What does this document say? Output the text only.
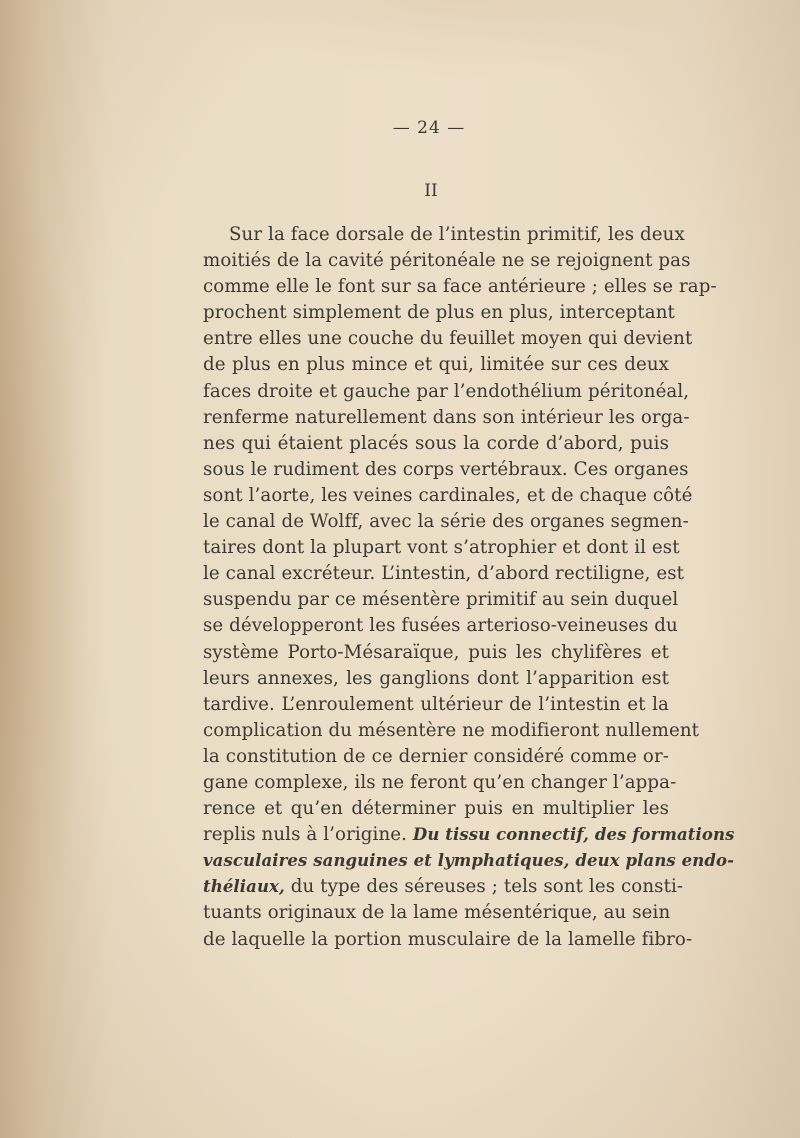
— 24 —
II
Sur la face dorsale de l’intestin primitif, les deux
moitiés de la cavité péritonéale ne se rejoignent pas
comme elle le font sur sa face antérieure ; elles se rap-
prochent simplement de plus en plus, interceptant
entre elles une couche du feuillet moyen qui devient
de plus en plus mince et qui, limitée sur ces deux
faces droite et gauche par l’endothélium péritonéal,
renferme naturellement dans son intérieur les orga-
nes qui étaient placés sous la corde d’abord, puis
sous le rudiment des corps vertébraux. Ces organes
sont l’aorte, les veines cardinales, et de chaque côté
le canal de Wolff, avec la série des organes segmen-
taires dont la plupart vont s’atrophier et dont il est
le canal excréteur. L’intestin, d’abord rectiligne, est
suspendu par ce mésentère primitif au sein duquel
se développeront les fusées arterioso-veineuses du
système Porto-Mésaraïque, puis les chylifères et
leurs annexes, les ganglions dont l’apparition est
tardive. L’enroulement ultérieur de l’intestin et la
complication du mésentère ne modifieront nullement
la constitution de ce dernier considéré comme or-
gane complexe, ils ne feront qu’en changer l’appa-
rence et qu’en déterminer puis en multiplier les
replis nuls à l’origine. Du tissu connectif, des formations
vasculaires sanguines et lymphatiques, deux plans endo-
théliaux, du type des séreuses ; tels sont les consti-
tuants originaux de la lame mésentérique, au sein
de laquelle la portion musculaire de la lamelle fibro-
